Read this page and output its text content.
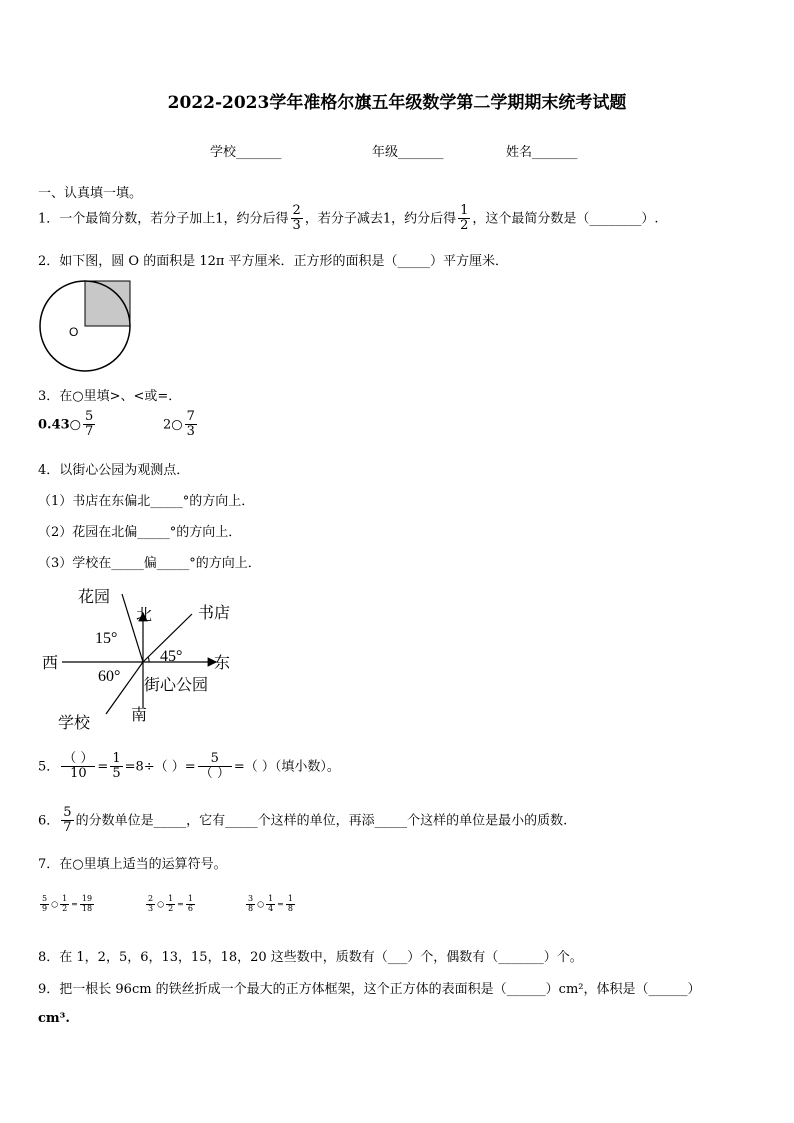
2022-2023学年准格尔旗五年级数学第二学期期末统考试题
学校_______	年级_______	姓名_______
一、认真填一填。
1．一个最简分数，若分子加上1，约分后得 $\frac{2}{3}$ ，若分子减去1，约分后得 $\frac{1}{2}$ ，这个最简分数是（________）.
2．如下图，圆 O 的面积是 12π 平方厘米．正方形的面积是（_____）平方厘米．
O
3．在○里填>、<或=．
0.43○ $\frac{5}{7}$	2○ $\frac{7}{3}$
4．以街心公园为观测点．
（1）书店在东偏北_____°的方向上．
（2）花园在北偏_____°的方向上．
（3）学校在_____偏_____°的方向上．
花园
北	书店
15°
45°
西	东
60°
街心公园
南
学校
5． $\frac{( )}{10} = \frac{1}{5} =8\div$（ ）= $\frac{5}{( )}$ =（ ）（填小数）。
6． $\frac{5}{7}$ 的分数单位是_____，它有_____个这样的单位，再添_____个这样的单位是最小的质数.
7．在○里填上适当的运算符号。
$\frac{5}{9}$ ○ $\frac{1}{2} = \frac{19}{18}$	$\frac{2}{3}$ ○ $\frac{1}{2} = \frac{1}{6}$	$\frac{3}{8}$ ○ $\frac{1}{4} = \frac{1}{8}$
8．在 1，2，5，6，13，15，18，20 这些数中，质数有（___）个，偶数有（_______）个。
9．把一根长 96cm 的铁丝折成一个最大的正方体框架，这个正方体的表面积是（______）cm²，体积是（______）
cm³.
